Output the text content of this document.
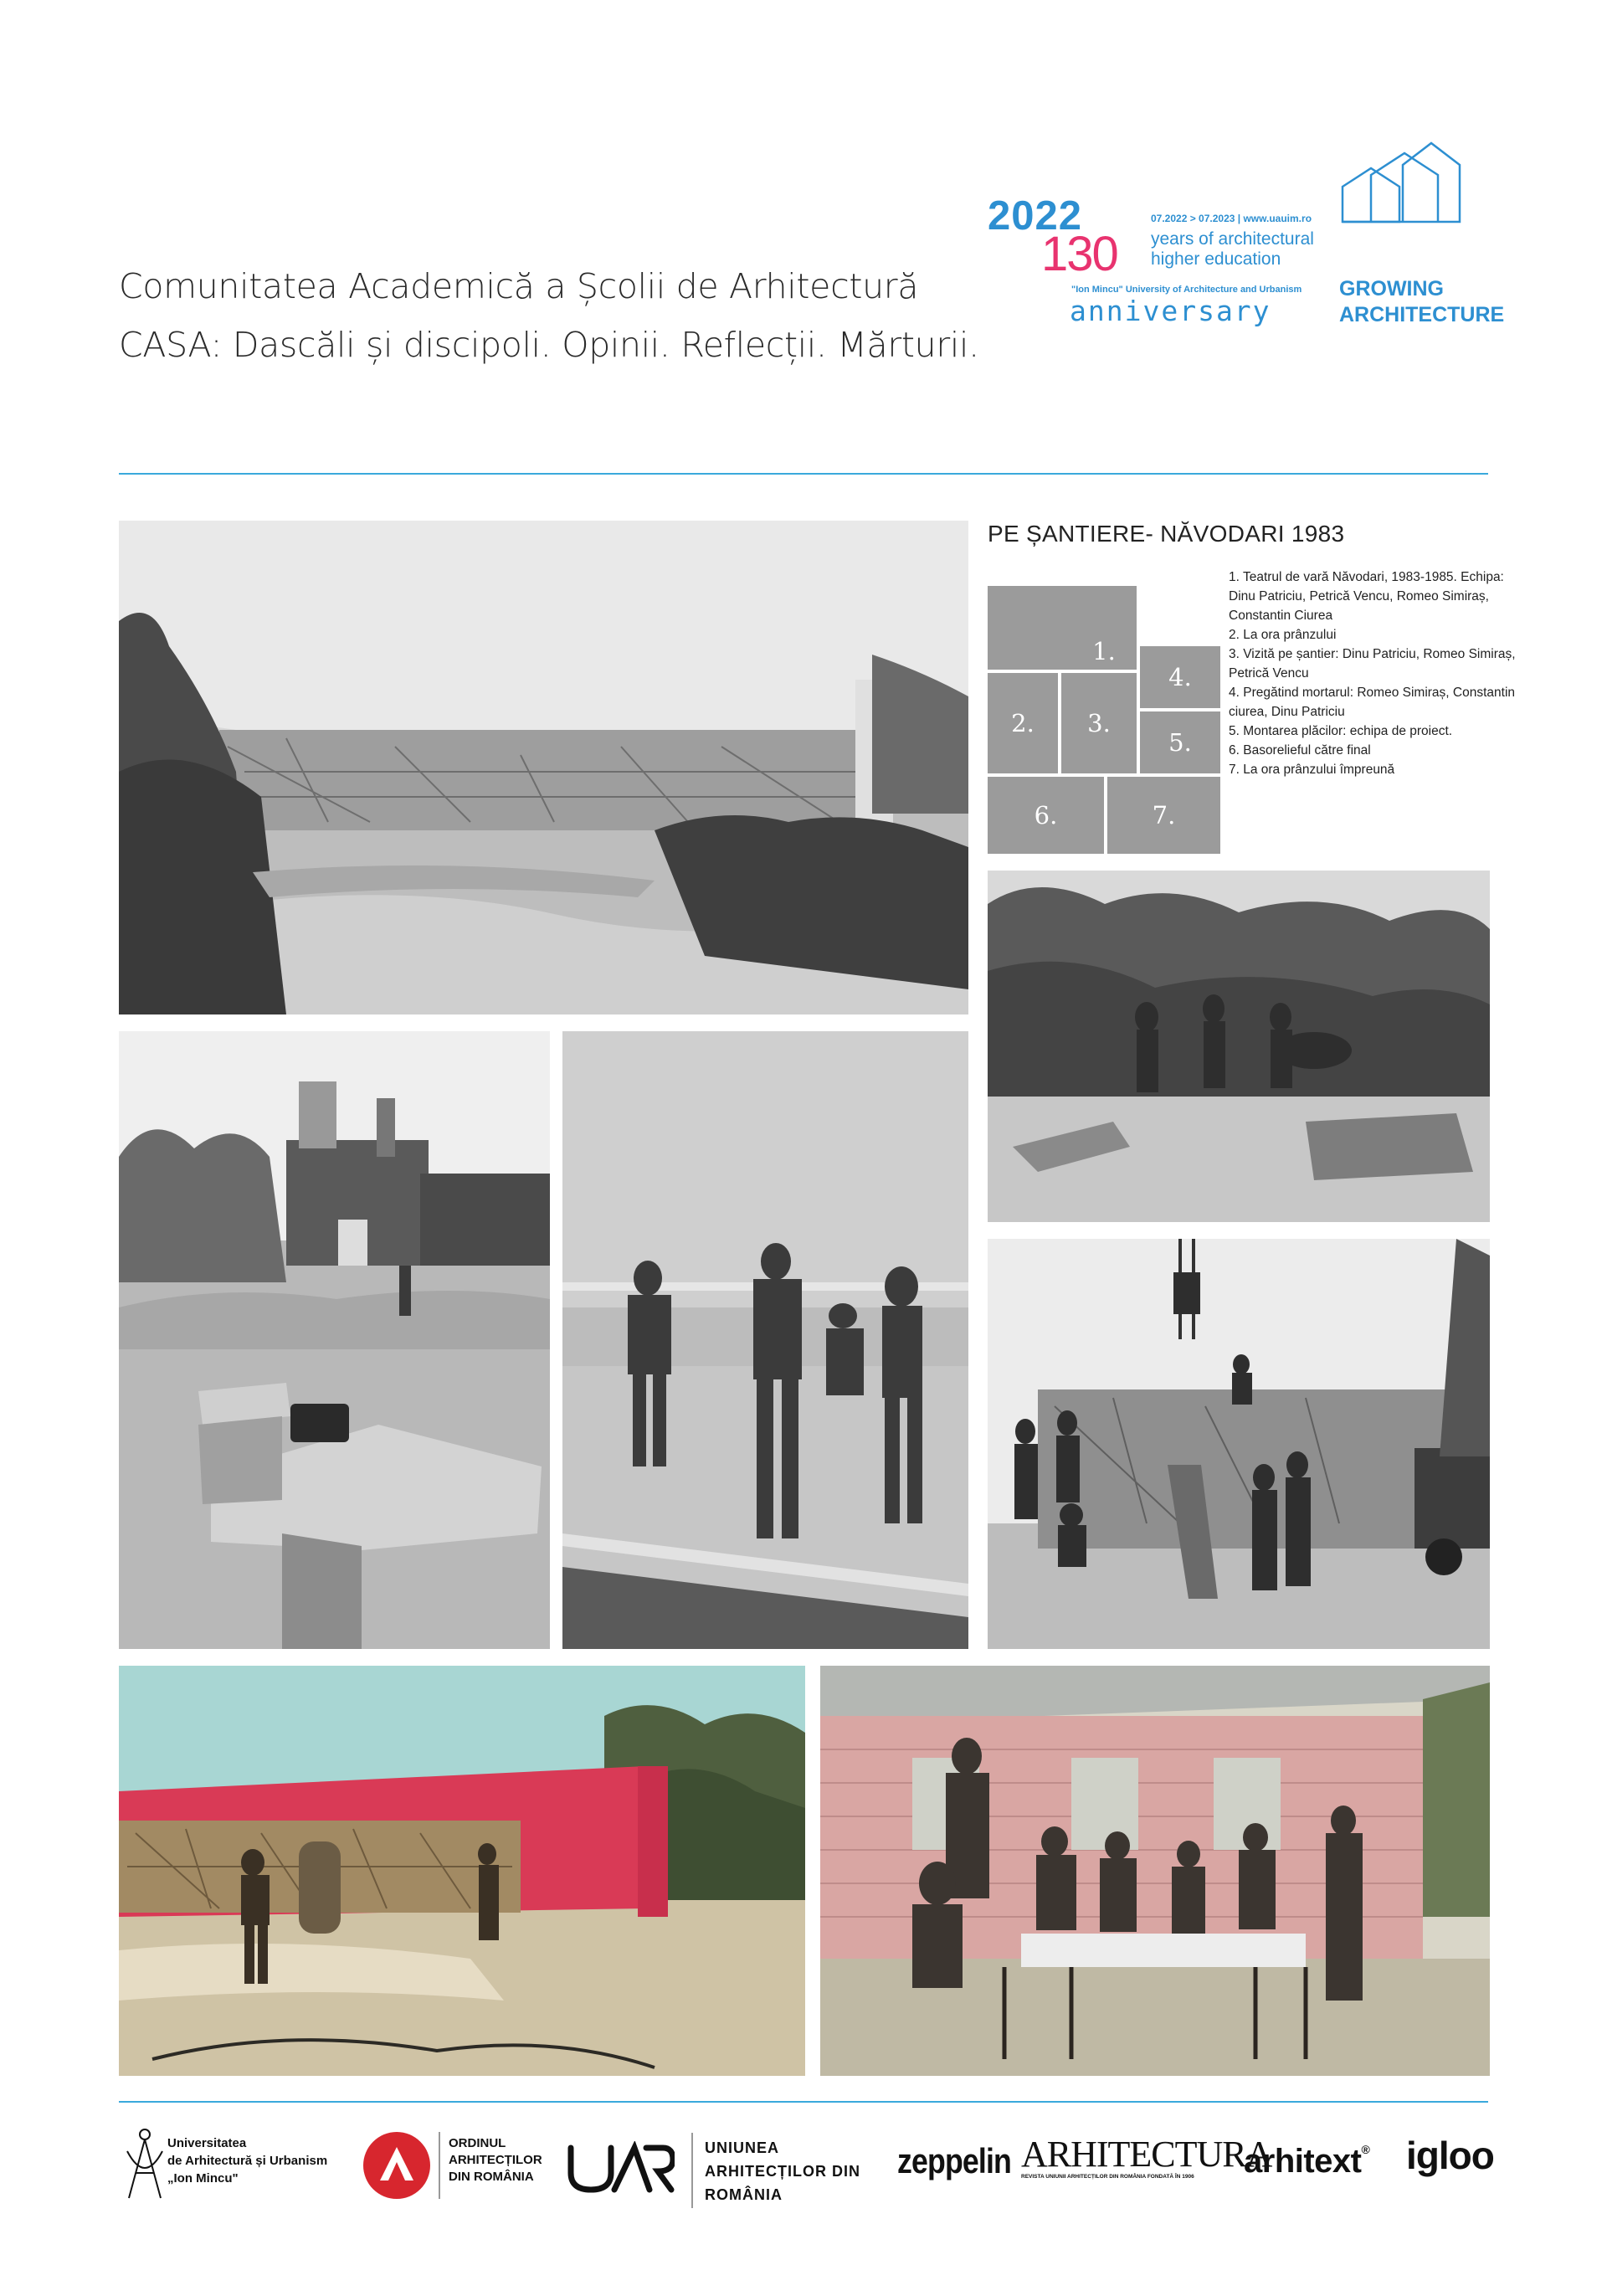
Comunitatea Academică a Școlii de Arhitectură
CASA: Dascăli și discipoli. Opinii. Reflecții. Mărturii.
2022
130
07.2022 > 07.2023 | www.uauim.ro
years of architectural
higher education
"Ion Mincu" University of Architecture and Urbanism
anniversary
GROWING
ARCHITECTURE
PE ȘANTIERE- NĂVODARI 1983
1.
2. 3.
4.
5.
6.	7.
1. Teatrul de vară Năvodari, 1983-1985. Echipa:
Dinu Patriciu, Petrică Vencu, Romeo Simiraș,
Constantin Ciurea
2. La ora prânzului
3. Vizită pe șantier: Dinu Patriciu, Romeo Simiraș,
Petrică Vencu
4. Pregătind mortarul: Romeo Simiraș, Constantin
ciurea, Dinu Patriciu
5. Montarea plăcilor: echipa de proiect.
6. Basorelieful către final
7. La ora prânzului împreună
Universitatea
de Arhitectură și Urbanism
„Ion Mincu"
ORDINUL
ARHITECȚILOR
DIN ROMÂNIA
UNIUNEA
ARHITECȚILOR DIN
ROMÂNIA
zeppelin ARHITECTURA
REVISTA UNIUNII ARHITECȚILOR DIN ROMÂNIA FONDATĂ ÎN 1906	arhitext® igloo
